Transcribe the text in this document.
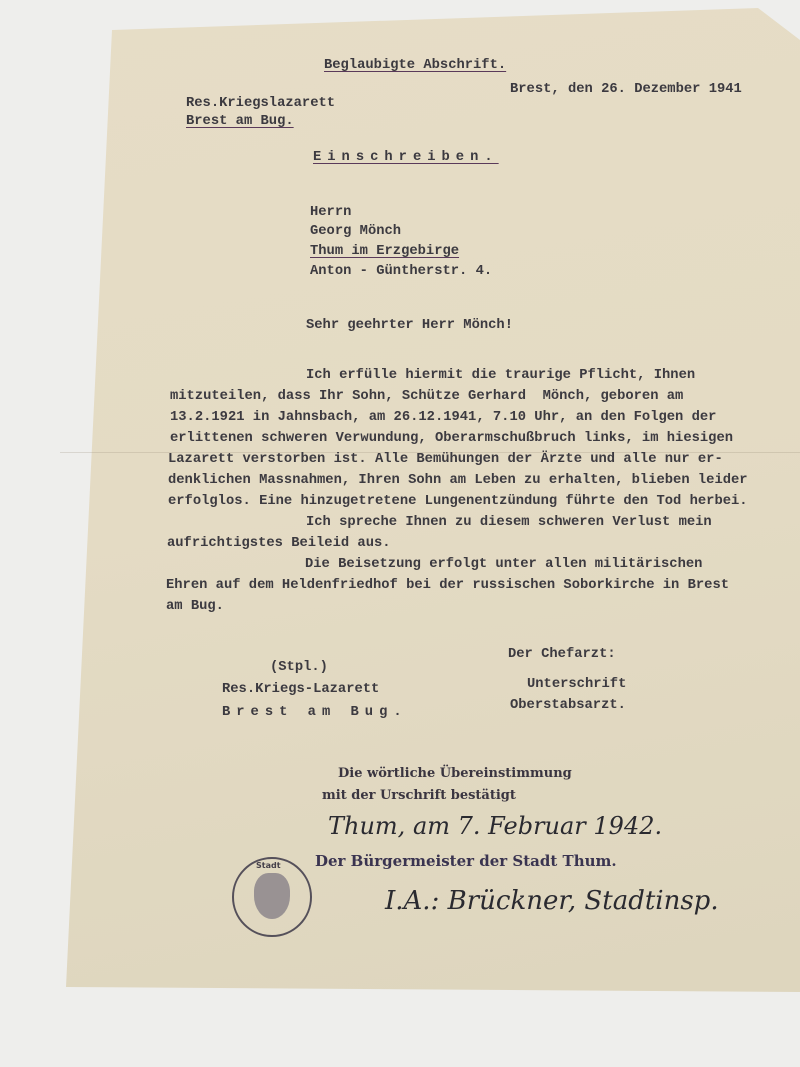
Beglaubigte Abschrift.
Brest, den 26. Dezember 1941
Res.Kriegslazarett
Brest am Bug.
Einschreiben.
Herrn
Georg Mönch
Thum im Erzgebirge
Anton - Güntherstr. 4.
Sehr geehrter Herr Mönch!
Ich erfülle hiermit die traurige Pflicht, Ihnen
mitzuteilen, dass Ihr Sohn, Schütze Gerhard  Mönch, geboren am
13.2.1921 in Jahnsbach, am 26.12.1941, 7.10 Uhr, an den Folgen der
erlittenen schweren Verwundung, Oberarmschußbruch links, im hiesigen
Lazarett verstorben ist. Alle Bemühungen der Ärzte und alle nur er-
denklichen Massnahmen, Ihren Sohn am Leben zu erhalten, blieben leider
erfolglos. Eine hinzugetretene Lungenentzündung führte den Tod herbei.
Ich spreche Ihnen zu diesem schweren Verlust mein
aufrichtigstes Beileid aus.
Die Beisetzung erfolgt unter allen militärischen
Ehren auf dem Heldenfriedhof bei der russischen Soborkirche in Brest
am Bug.
(Stpl.)
Res.Kriegs-Lazarett
Brest am Bug.
Der Chefarzt:
Unterschrift
Oberstabsarzt.
Die wörtliche Übereinstimmung
mit der Urschrift bestätigt
Thum, am 7. Februar 1942.
Der Bürgermeister der Stadt Thum.
I.A.: Brückner, Stadtinsp.
Stadt
